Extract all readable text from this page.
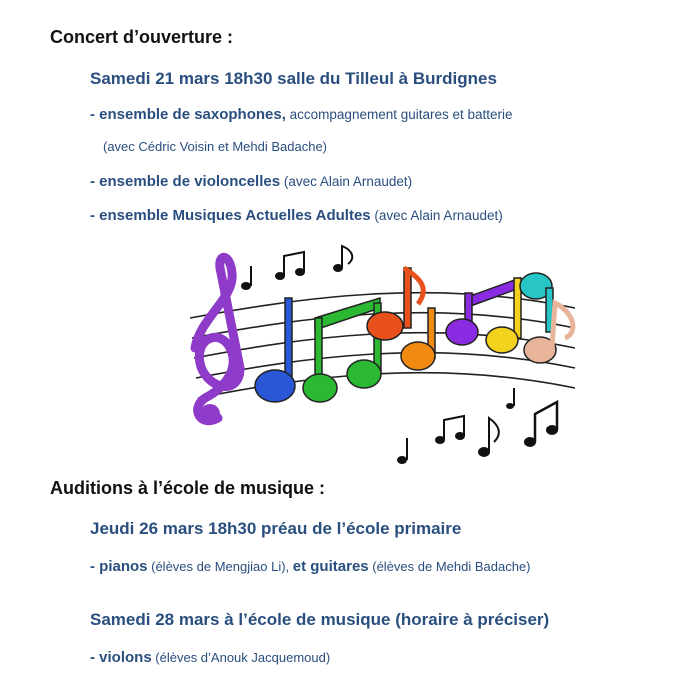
Concert d’ouverture :
Samedi 21 mars 18h30 salle du Tilleul à Burdignes
- ensemble de saxophones, accompagnement guitares et batterie
(avec Cédric Voisin et Mehdi Badache)
- ensemble de violoncelles (avec Alain Arnaudet)
- ensemble Musiques Actuelles Adultes (avec Alain Arnaudet)
Auditions à l’école de musique :
Jeudi 26 mars 18h30 préau de l’école primaire
- pianos (élèves de Mengjiao Li), et guitares (élèves de Mehdi Badache)
Samedi 28 mars à l’école de musique (horaire à préciser)
- violons (élèves d’Anouk Jacquemoud)
